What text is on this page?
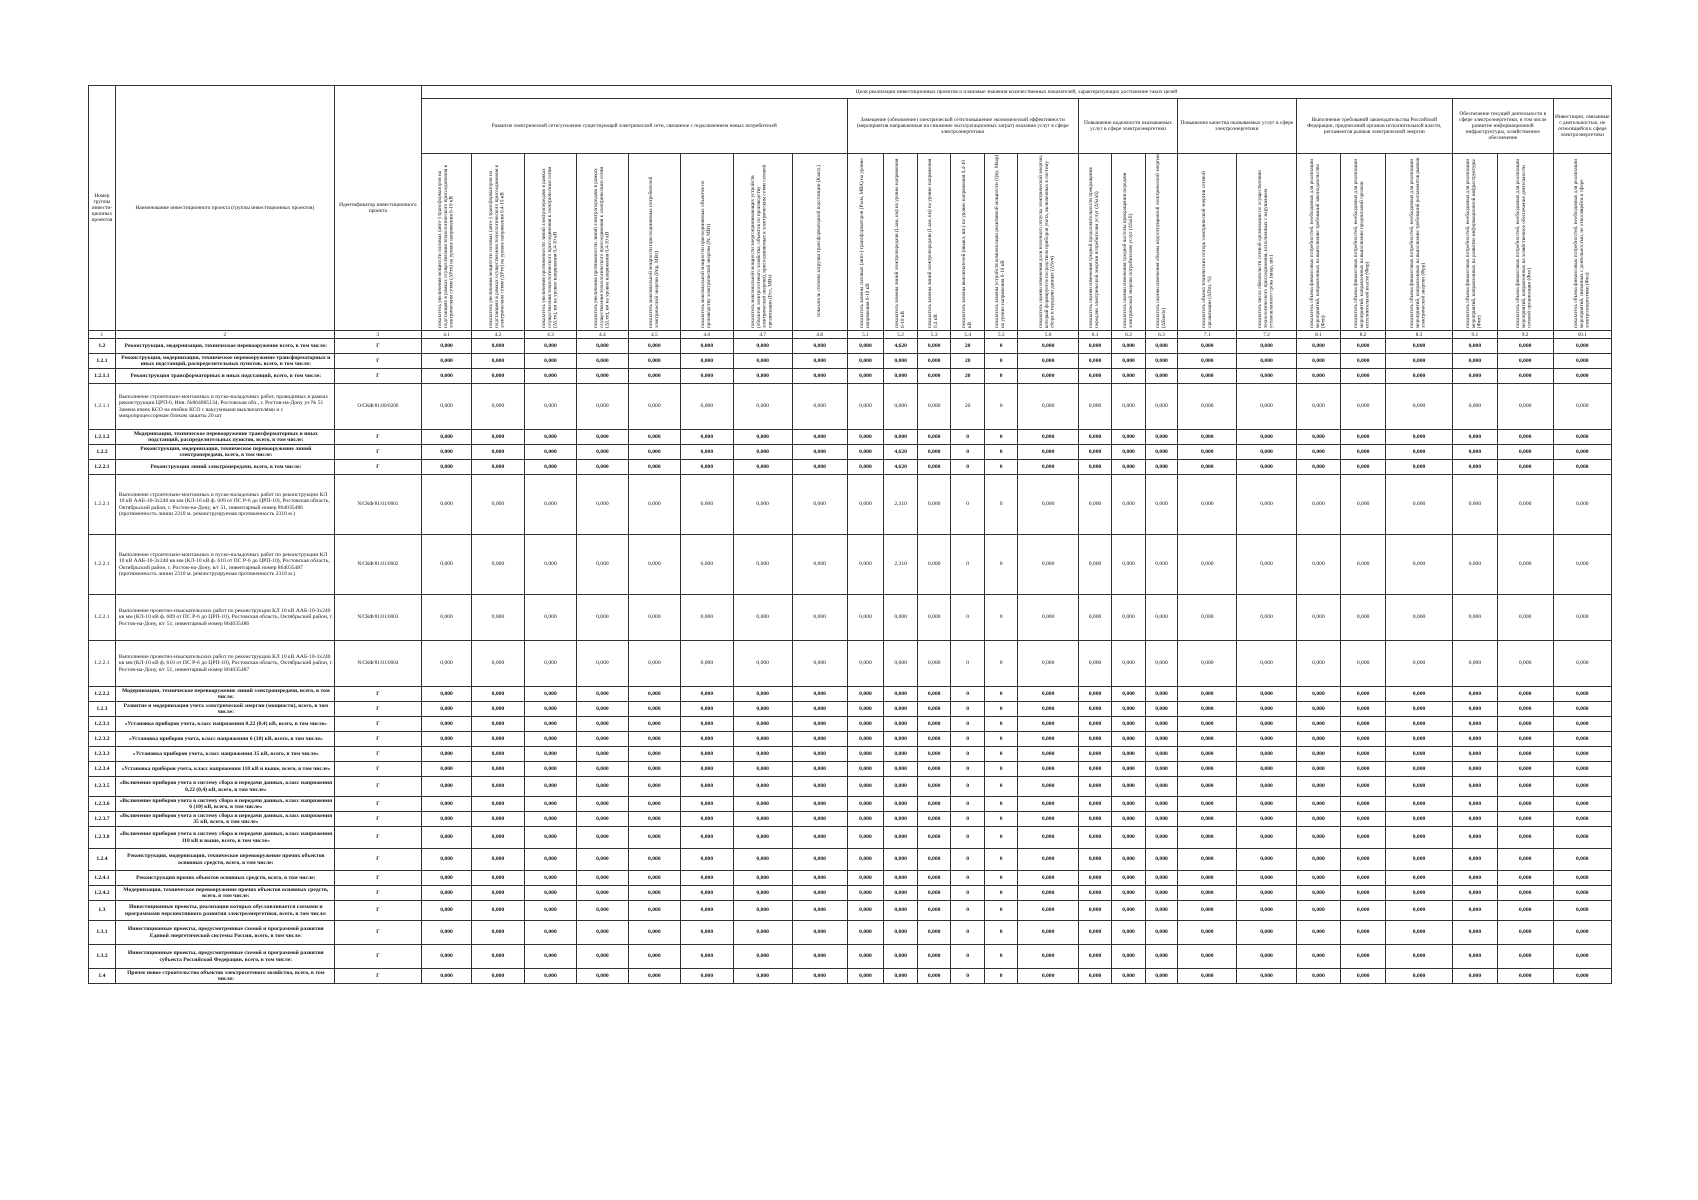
Номер группы инвести-ционных проектов	Наименование инвестиционного проекта (группы инвестиционных проектов)	Идентификатор инвестиционного проекта	Цели реализации инвестиционных проектов и плановые значения количественных показателей, характеризующих достижение таких целей																								
			Развитие электрической сети/усиление существующей электрической сети, связанное с подключением новых потребителей								Замещение (обновление) электрической сети/повышение экономической эффективности (мероприятия направленные на снижение эксплуатационных затрат) оказания услуг в сфере электроэнергетики						Повышение надежности оказываемых услуг в сфере электроэнергетики			Повышение качества оказываемых услуг в сфере электроэнергетики		Выполнение требований законодательства Российской Федерации, предписаний органов исполнительной власти, регламентов рынков электрической энергии			Обеспечение текущей деятельности в сфере электроэнергетики, в том числе развитие информационной инфраструктуры, хозяйственное обеспечение		Инвестиции, связанные с деятельностью, не относящейся к сфере электроэнергетики
			показатель увеличения мощности силовых (авто-) трансформаторов на подстанциях в рамках осуществления технологического присоединения к электрическим сетям (ΔPтп) на уровне напряжения 6-10 кВ	показатель увеличения мощности силовых (авто-) трансформаторов на подстанциях в рамках осуществления технологического присоединения к электрическим сетям (ΔPтп) на уровне напряжения 0,4-10 кВ	показатель увеличения протяженности линий электропередачи в рамках осуществления технологического присоединения к электрическим сетям (ΔLтп), км на уровне напряжения 0,4-10 кВ	показатель увеличения протяженности линий электропередачи в рамках осуществления технологического присоединения к электрическим сетям (ΔLтп), км на уровне напряжения 0,4-10 кВ	показатель максимальной мощности присоединяемых потребителей электрической энергии (Pпр, МВт)	показатель максимальной мощности присоединяемых объектов по производству электрической энергии (Pг, МВт)	показатель максимальной мощности энергопринимающих устройств (объектов электросетевого хозяйства, объектов по производству электрической энергии), присоединяемых к электрическим сетям сетевой организации (Pсо, МВт)	показатель степени загрузки трансформаторной подстанции (Кзагр.)	показатель замены силовых (авто-) трансформаторов (Pзам, МВА) на уровне напряжения 6-10 кВ	показатель замены линий электропередачи (Lзам, км) на уровне напряжения 6-10 кВ	показатель замены линий электропередачи (Lзам, км) на уровне напряжения 0,4 кВ	показатель замены выключателей (nвыкл, шт.) на уровне напряжения 0,4-10 кВ	показатель замены устройств компенсации реактивной мощности (Qку, Мвар) на уровне напряжения 6-10 кВ	показатель оценки изменения доли полезного отпуска электрической энергии, который формируется посредством приборов учета, включенных в систему сбора и передачи данных (ΔSуч)	показатель оценки изменения средней продолжительности прекращения передачи электрической энергии потребителям услуг (ΔSaidi)	показатель оценки изменения средней частоты прекращения передачи электрической энергии потребителям услуг (ΔSaifi)	показатель оценки изменения объема недоотпущенной электрической энергии (ΔEnedo)	показатель объема технических потерь электрической энергии сетевой организации (ΔПтп, %)	показатель числа обязательств сетевой организации по осуществлению технологического присоединения, исполненных с нарушением установленного срока (nнар, шт.)	показатель объема финансовых потребностей, необходимых для реализации мероприятий, направленных на выполнение требований законодательства (Фтп)	показатель объема финансовых потребностей, необходимых для реализации мероприятий, направленных на выполнение предписаний органов исполнительной власти (Фпр)	показатель объема финансовых потребностей, необходимых для реализации мероприятий, направленных на выполнение требований регламентов рынков электрической энергии (Фрр)	показатель объема финансовых потребностей, необходимых для реализации мероприятий, направленных на развитие информационной инфраструктуры (Фит)	показатель объема финансовых потребностей, необходимых для реализации мероприятий, направленных на хозяйственное обеспечение деятельности сетевой организации (Фхо)	показатель объема финансовых потребностей, необходимых для реализации мероприятий, связанных с деятельностью, не относящейся к сфере электроэнергетики (Фнэ)
1	2	3	4.1	4.2	4.3	4.4	4.5	4.6	4.7	4.8	5.1	5.2	5.3	5.4	5.5	5.6	6.1	6.2	6.3	7.1	7.2	8.1	8.2	8.3	9.1	9.2	10.1
1.2	Реконструкция, модернизация, техническое перевооружение всего, в том числе:	Г	0,000	0,000	0,000	0,000	0,000	0,000	0,000	0,000	0,000	4,620	0,000	20	0	0,000	0,000	0,000	0,000	0,000	0,000	0,000	0,000	0,000	0,000	0,000	0,000
1.2.1	Реконструкция, модернизация, техническое перевооружение трансформаторных и иных подстанций, распределительных пунктов, всего, в том числе:	Г	0,000	0,000	0,000	0,000	0,000	0,000	0,000	0,000	0,000	0,000	0,000	20	0	0,000	0,000	0,000	0,000	0,000	0,000	0,000	0,000	0,000	0,000	0,000	0,000
1.2.1.1	Реконструкция трансформаторных и иных подстанций, всего, в том числе:	Г	0,000	0,000	0,000	0,000	0,000	0,000	0,000	0,000	0,000	0,000	0,000	20	0	0,000	0,000	0,000	0,000	0,000	0,000	0,000	0,000	0,000	0,000	0,000	0,000
1.2.1.1	Выполнение строительно-монтажных и пуско-наладочных работ, проводимых в рамках реконструкции ЦРП-6, Инв. №864005134, Ростовская обл., г. Ростов-на-Дону ул № 51 Замена ячеек КСО на ячейки КСО с вакуумными выключателями и с микропроцессорным блоком защиты 20 шт	О/СКФ/81/00/0206	0,000	0,000	0,000	0,000	0,000	0,000	0,000	0,000	0,000	0,000	0,000	20	0	0,000	0,000	0,000	0,000	0,000	0,000	0,000	0,000	0,000	0,000	0,000	0,000
1.2.1.2	Модернизация, техническое перевооружение трансформаторных и иных подстанций, распределительных пунктов, всего, в том числе:	Г	0,000	0,000	0,000	0,000	0,000	0,000	0,000	0,000	0,000	0,000	0,000	0	0	0,000	0,000	0,000	0,000	0,000	0,000	0,000	0,000	0,000	0,000	0,000	0,000
1.2.2	Реконструкция, модернизация, техническое перевооружение линий электропередачи, всего, в том числе:	Г	0,000	0,000	0,000	0,000	0,000	0,000	0,000	0,000	0,000	4,620	0,000	0	0	0,000	0,000	0,000	0,000	0,000	0,000	0,000	0,000	0,000	0,000	0,000	0,000
1.2.2.1	Реконструкция линий электропередачи, всего, в том числе:	Г	0,000	0,000	0,000	0,000	0,000	0,000	0,000	0,000	0,000	4,620	0,000	0	0	0,000	0,000	0,000	0,000	0,000	0,000	0,000	0,000	0,000	0,000	0,000	0,000
1.2.2.1	Выполнение строительно-монтажных и пуско-наладочных работ по реконструкции КЛ 10 кВ ААБ-10-3х240 кв мм (КЛ-10 кВ ф. 609 от ПС Р-6 до ЦРП-10), Ростовская область, Октябрьский район, г. Ростов-на-Дону, в/г 51, инвентарный номер 864035486 (протяженность линии 2310 м. реконструируемая протяженность 2310 м.)	N/СКФ/81/01/0001	0,000	0,000	0,000	0,000	0,000	0,000	0,000	0,000	0,000	2,310	0,000	0	0	0,000	0,000	0,000	0,000	0,000	0,000	0,000	0,000	0,000	0,000	0,000	0,000
1.2.2.1	Выполнение строительно-монтажных и пуско-наладочных работ по реконструкции КЛ 10 кВ ААБ-10-3х240 кв мм (КЛ-10 кВ ф. 610 от ПС Р-6 до ЦРП-10), Ростовская область, Октябрьский район, г. Ростов-на-Дону, в/г 51, инвентарный номер 864035487 (протяженность линии 2310 м. реконструируемая протяженность 2310 м.)	N/СКФ/81/01/0002	0,000	0,000	0,000	0,000	0,000	0,000	0,000	0,000	0,000	2,310	0,000	0	0	0,000	0,000	0,000	0,000	0,000	0,000	0,000	0,000	0,000	0,000	0,000	0,000
1.2.2.1	Выполнение проектно-изыскательских работ по реконструкции КЛ 10 кВ ААБ-10-3х240 кв мм (КЛ-10 кВ ф. 609 от ПС Р-6 до ЦРП-10), Ростовская область, Октябрьский район, г. Ростов-на-Дону, в/г 51, инвентарный номер 864035486	N/СКФ/81/01/0003	0,000	0,000	0,000	0,000	0,000	0,000	0,000	0,000	0,000	0,000	0,000	0	0	0,000	0,000	0,000	0,000	0,000	0,000	0,000	0,000	0,000	0,000	0,000	0,000
1.2.2.1	Выполнение проектно-изыскательских работ по реконструкции КЛ 10 кВ ААБ-10-3х240 кв мм (КЛ-10 кВ ф. 610 от ПС Р-6 до ЦРП-10), Ростовская область, Октябрьский район, г. Ростов-на-Дону, в/г 51, инвентарный номер 864035487	N/СКФ/81/01/0004	0,000	0,000	0,000	0,000	0,000	0,000	0,000	0,000	0,000	0,000	0,000	0	0	0,000	0,000	0,000	0,000	0,000	0,000	0,000	0,000	0,000	0,000	0,000	0,000
1.2.2.2	Модернизация, техническое перевооружение линий электропередачи, всего, в том числе:	Г	0,000	0,000	0,000	0,000	0,000	0,000	0,000	0,000	0,000	0,000	0,000	0	0	0,000	0,000	0,000	0,000	0,000	0,000	0,000	0,000	0,000	0,000	0,000	0,000
1.2.3	Развитие и модернизация учета электрической энергии (мощности), всего, в том числе:	Г	0,000	0,000	0,000	0,000	0,000	0,000	0,000	0,000	0,000	0,000	0,000	0	0	0,000	0,000	0,000	0,000	0,000	0,000	0,000	0,000	0,000	0,000	0,000	0,000
1.2.3.1	«Установка приборов учета, класс напряжения 0,22 (0,4) кВ, всего, в том числе»	Г	0,000	0,000	0,000	0,000	0,000	0,000	0,000	0,000	0,000	0,000	0,000	0	0	0,000	0,000	0,000	0,000	0,000	0,000	0,000	0,000	0,000	0,000	0,000	0,000
1.2.3.2	«Установка приборов учета, класс напряжения 6 (10) кВ, всего, в том числе»	Г	0,000	0,000	0,000	0,000	0,000	0,000	0,000	0,000	0,000	0,000	0,000	0	0	0,000	0,000	0,000	0,000	0,000	0,000	0,000	0,000	0,000	0,000	0,000	0,000
1.2.3.3	«Установка приборов учета, класс напряжения 35 кВ, всего, в том числе»	Г	0,000	0,000	0,000	0,000	0,000	0,000	0,000	0,000	0,000	0,000	0,000	0	0	0,000	0,000	0,000	0,000	0,000	0,000	0,000	0,000	0,000	0,000	0,000	0,000
1.2.3.4	«Установка приборов учета, класс напряжения 110 кВ и выше, всего, в том числе»	Г	0,000	0,000	0,000	0,000	0,000	0,000	0,000	0,000	0,000	0,000	0,000	0	0	0,000	0,000	0,000	0,000	0,000	0,000	0,000	0,000	0,000	0,000	0,000	0,000
1.2.3.5	«Включение приборов учета в систему сбора и передачи данных, класс напряжения 0,22 (0,4) кВ, всего, в том числе»	Г	0,000	0,000	0,000	0,000	0,000	0,000	0,000	0,000	0,000	0,000	0,000	0	0	0,000	0,000	0,000	0,000	0,000	0,000	0,000	0,000	0,000	0,000	0,000	0,000
1.2.3.6	«Включение приборов учета в систему сбора и передачи данных, класс напряжения 6 (10) кВ, всего, в том числе»	Г	0,000	0,000	0,000	0,000	0,000	0,000	0,000	0,000	0,000	0,000	0,000	0	0	0,000	0,000	0,000	0,000	0,000	0,000	0,000	0,000	0,000	0,000	0,000	0,000
1.2.3.7	«Включение приборов учета в систему сбора и передачи данных, класс напряжения 35 кВ, всего, в том числе»	Г	0,000	0,000	0,000	0,000	0,000	0,000	0,000	0,000	0,000	0,000	0,000	0	0	0,000	0,000	0,000	0,000	0,000	0,000	0,000	0,000	0,000	0,000	0,000	0,000
1.2.3.8	«Включение приборов учета в систему сбора и передачи данных, класс напряжения 110 кВ и выше, всего, в том числе»	Г	0,000	0,000	0,000	0,000	0,000	0,000	0,000	0,000	0,000	0,000	0,000	0	0	0,000	0,000	0,000	0,000	0,000	0,000	0,000	0,000	0,000	0,000	0,000	0,000
1.2.4	Реконструкция, модернизация, техническое перевооружение прочих объектов основных средств, всего, в том числе:	Г	0,000	0,000	0,000	0,000	0,000	0,000	0,000	0,000	0,000	0,000	0,000	0	0	0,000	0,000	0,000	0,000	0,000	0,000	0,000	0,000	0,000	0,000	0,000	0,000
1.2.4.1	Реконструкция прочих объектов основных средств, всего, в том числе:	Г	0,000	0,000	0,000	0,000	0,000	0,000	0,000	0,000	0,000	0,000	0,000	0	0	0,000	0,000	0,000	0,000	0,000	0,000	0,000	0,000	0,000	0,000	0,000	0,000
1.2.4.2	Модернизация, техническое перевооружение прочих объектов основных средств, всего, в том числе:	Г	0,000	0,000	0,000	0,000	0,000	0,000	0,000	0,000	0,000	0,000	0,000	0	0	0,000	0,000	0,000	0,000	0,000	0,000	0,000	0,000	0,000	0,000	0,000	0,000
1.3	Инвестиционные проекты, реализация которых обуславливается схемами и программами перспективного развития электроэнергетики, всего, в том числе:	Г	0,000	0,000	0,000	0,000	0,000	0,000	0,000	0,000	0,000	0,000	0,000	0	0	0,000	0,000	0,000	0,000	0,000	0,000	0,000	0,000	0,000	0,000	0,000	0,000
1.3.1	Инвестиционные проекты, предусмотренные схемой и программой развития Единой энергетической системы России, всего, в том числе:	Г	0,000	0,000	0,000	0,000	0,000	0,000	0,000	0,000	0,000	0,000	0,000	0	0	0,000	0,000	0,000	0,000	0,000	0,000	0,000	0,000	0,000	0,000	0,000	0,000
1.3.2	Инвестиционные проекты, предусмотренные схемой и программой развития субъекта Российской Федерации, всего, в том числе:	Г	0,000	0,000	0,000	0,000	0,000	0,000	0,000	0,000	0,000	0,000	0,000	0	0	0,000	0,000	0,000	0,000	0,000	0,000	0,000	0,000	0,000	0,000	0,000	0,000
1.4	Прочее новое строительство объектов электросетевого хозяйства, всего, в том числе:	Г	0,000	0,000	0,000	0,000	0,000	0,000	0,000	0,000	0,000	0,000	0,000	0	0	0,000	0,000	0,000	0,000	0,000	0,000	0,000	0,000	0,000	0,000	0,000	0,000
